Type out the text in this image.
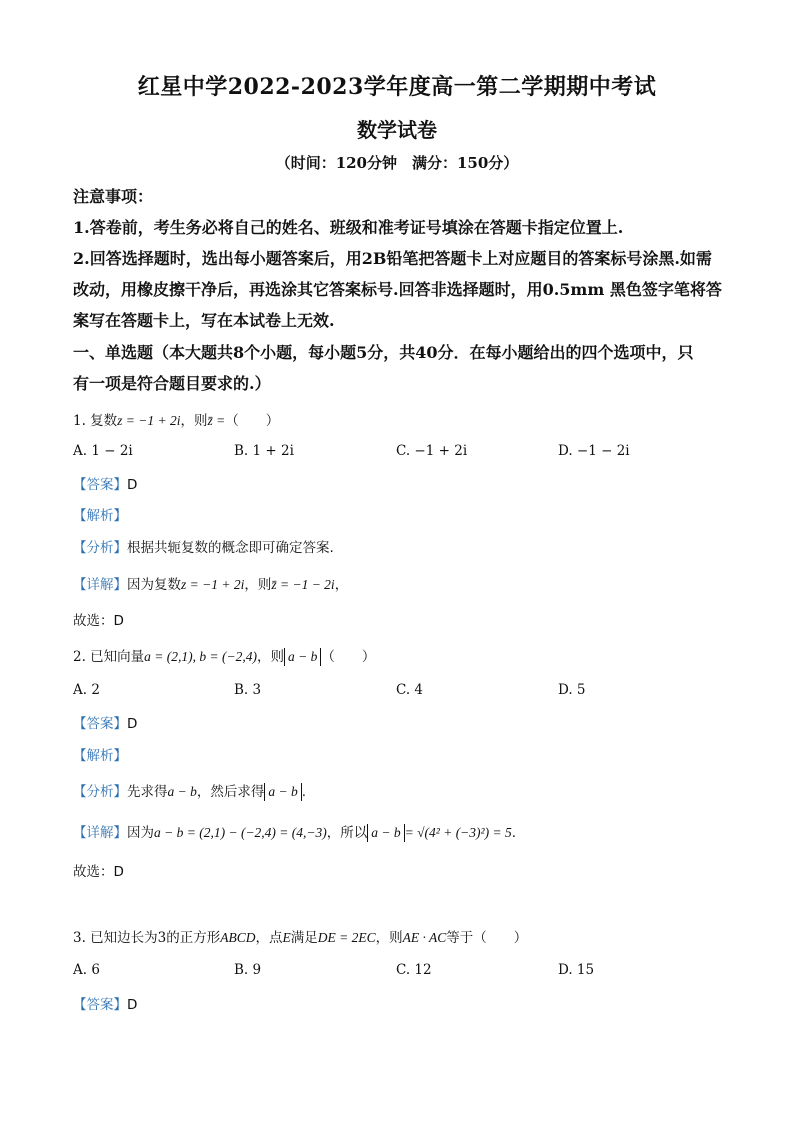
红星中学2022-2023学年度高一第二学期期中考试
数学试卷
（时间：120分钟　满分：150分）
注意事项：
1.答卷前，考生务必将自己的姓名、班级和准考证号填涂在答题卡指定位置上.
2.回答选择题时，选出每小题答案后，用2B铅笔把答题卡上对应题目的答案标号涂黑.如需
改动，用橡皮擦干净后，再选涂其它答案标号.回答非选择题时，用0.5mm 黑色签字笔将答
案写在答题卡上，写在本试卷上无效.
一、单选题（本大题共8个小题，每小题5分，共40分．在每小题给出的四个选项中，只
有一项是符合题目要求的.）
1. 复数z = −1 + 2i，则z̄ =（　　）
A. 1 − 2i	B. 1 + 2i	C. −1 + 2i	D. −1 − 2i
【答案】D
【解析】
【分析】根据共轭复数的概念即可确定答案.
【详解】因为复数z = −1 + 2i，则z̄ = −1 − 2i，
故选：D
2. 已知向量a = (2,1), b = (−2,4)，则 a − b （　　）
A. 2	B. 3	C. 4	D. 5
【答案】D
【解析】
【分析】先求得a − b，然后求得 a − b .
【详解】因为a − b = (2,1) − (−2,4) = (4,−3)，所以 a − b = √(4² + (−3)²) = 5.
故选：D
3. 已知边长为3的正方形ABCD，点E满足DE = 2EC，则AE · AC等于（　　）
A. 6	B. 9	C. 12	D. 15
【答案】D
